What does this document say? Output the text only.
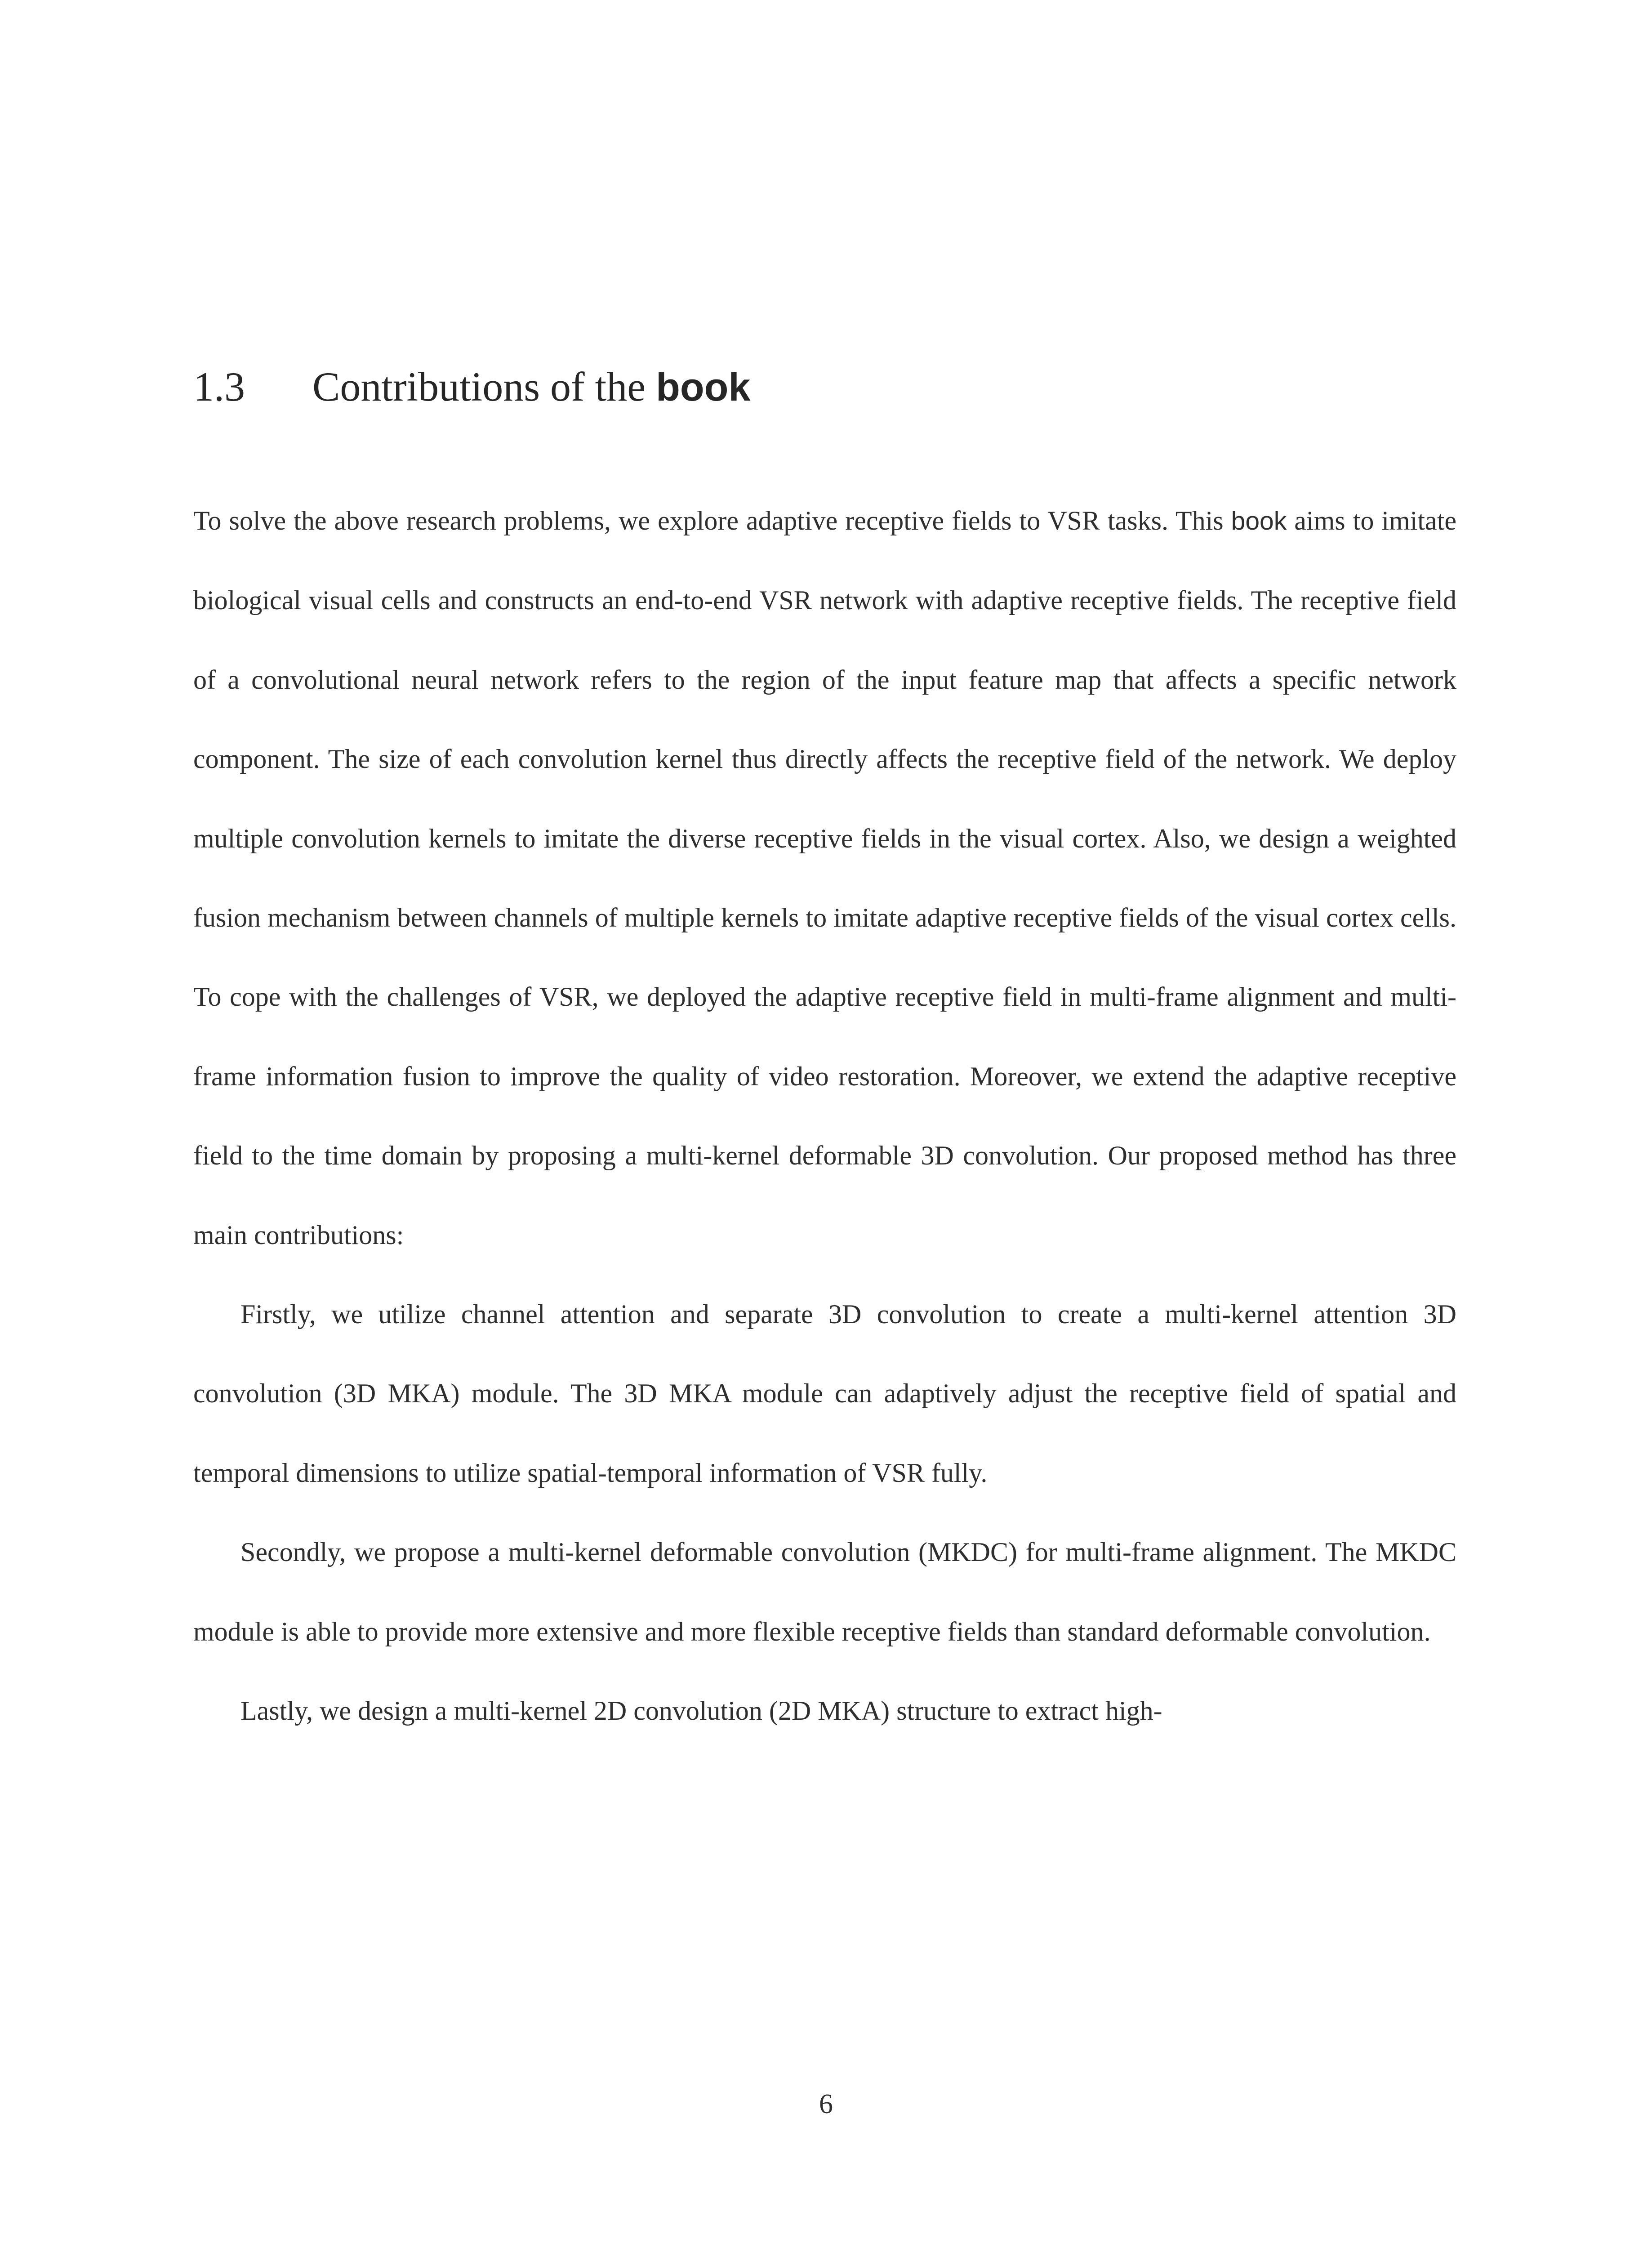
1.3 Contributions of the book

To solve the above research problems, we explore adaptive receptive fields to VSR tasks. This book aims to imitate biological visual cells and constructs an end-to-end VSR network with adaptive receptive fields. The receptive field of a convolutional neural network refers to the region of the input feature map that affects a specific network component. The size of each convolution kernel thus directly affects the receptive field of the network. We deploy multiple convolution kernels to imitate the diverse receptive fields in the visual cortex. Also, we design a weighted fusion mechanism between channels of multiple kernels to imitate adaptive receptive fields of the visual cortex cells. To cope with the challenges of VSR, we deployed the adaptive receptive field in multi-frame alignment and multi-frame information fusion to improve the quality of video restoration. Moreover, we extend the adaptive receptive field to the time domain by proposing a multi-kernel deformable 3D convolution. Our proposed method has three main contributions:

Firstly, we utilize channel attention and separate 3D convolution to create a multi-kernel attention 3D convolution (3D MKA) module. The 3D MKA module can adaptively adjust the receptive field of spatial and temporal dimensions to utilize spatial-temporal information of VSR fully.

Secondly, we propose a multi-kernel deformable convolution (MKDC) for multi-frame alignment. The MKDC module is able to provide more extensive and more flexible receptive fields than standard deformable convolution.

Lastly, we design a multi-kernel 2D convolution (2D MKA) structure to extract high-

6
